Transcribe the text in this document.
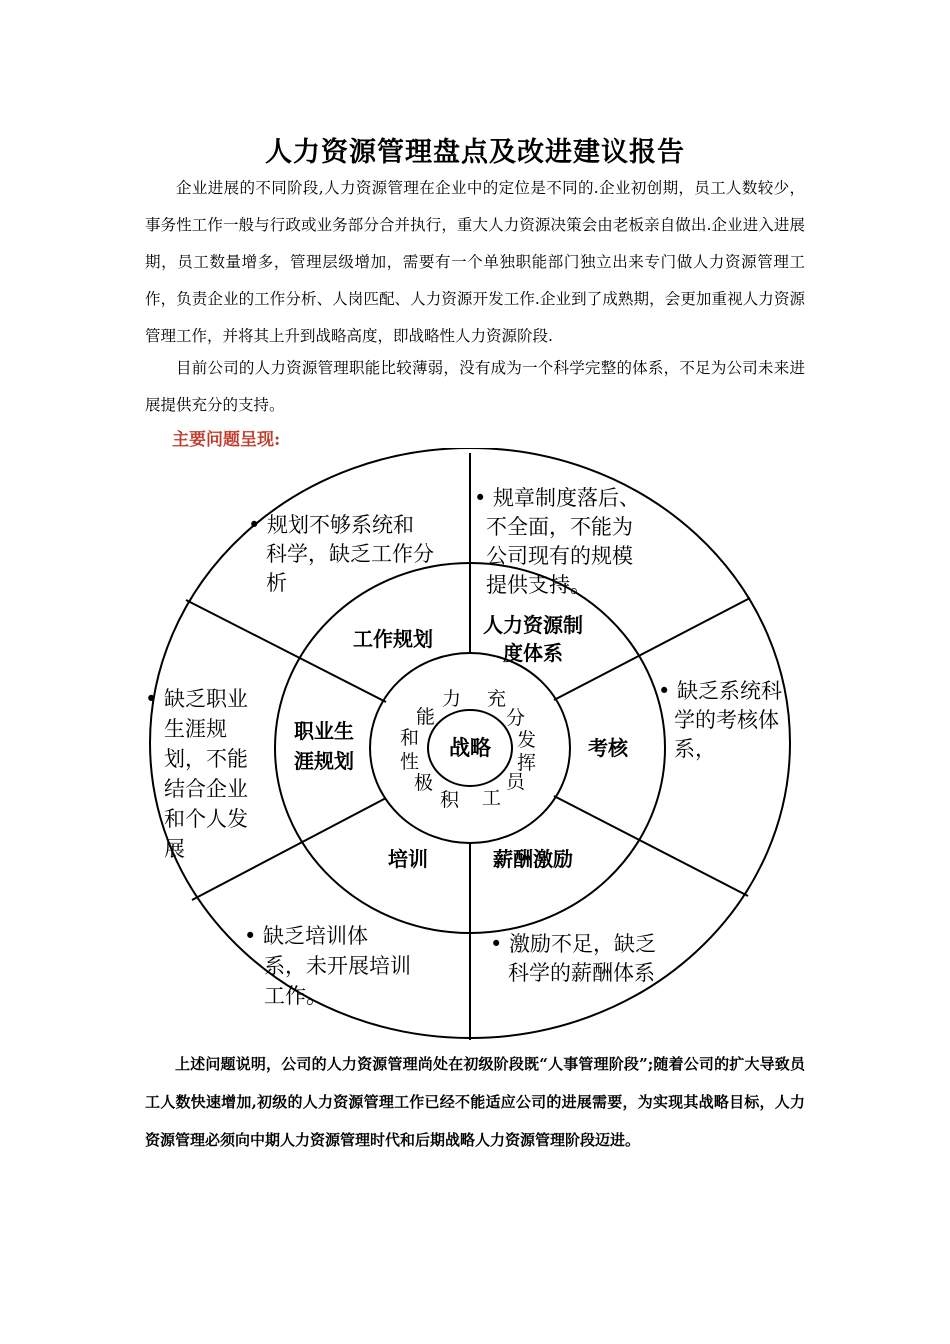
人力资源管理盘点及改进建议报告

企业进展的不同阶段,人力资源管理在企业中的定位是不同的.企业初创期，员工人数较少，事务性工作一般与行政或业务部分合并执行，重大人力资源决策会由老板亲自做出.企业进入进展期，员工数量增多，管理层级增加，需要有一个单独职能部门独立出来专门做人力资源管理工作，负责企业的工作分析、人岗匹配、人力资源开发工作.企业到了成熟期，会更加重视人力资源管理工作，并将其上升到战略高度，即战略性人力资源阶段.

目前公司的人力资源管理职能比较薄弱，没有成为一个科学完整的体系，不足为公司未来进展提供充分的支持。

主要问题呈现:
战略
充
分
发
挥
员
工
积
极
性
和
能
力
工作规划
人力资源制
度体系
考核
薪酬激励
培训
职业生
涯规划
• 规划不够系统和
科学，缺乏工作分
析
• 规章制度落后、
不全面，不能为
公司现有的规模
提供支持。
• 缺乏系统科
学的考核体
系，
• 激励不足，缺乏
科学的薪酬体系
• 缺乏培训体
系，未开展培训
工作。
• 缺乏职业
生涯规
划，不能
结合企业
和个人发
展

上述问题说明，公司的人力资源管理尚处在初级阶段既“人事管理阶段”;随着公司的扩大导致员工人数快速增加,初级的人力资源管理工作已经不能适应公司的进展需要，为实现其战略目标，人力资源管理必须向中期人力资源管理时代和后期战略人力资源管理阶段迈进。
